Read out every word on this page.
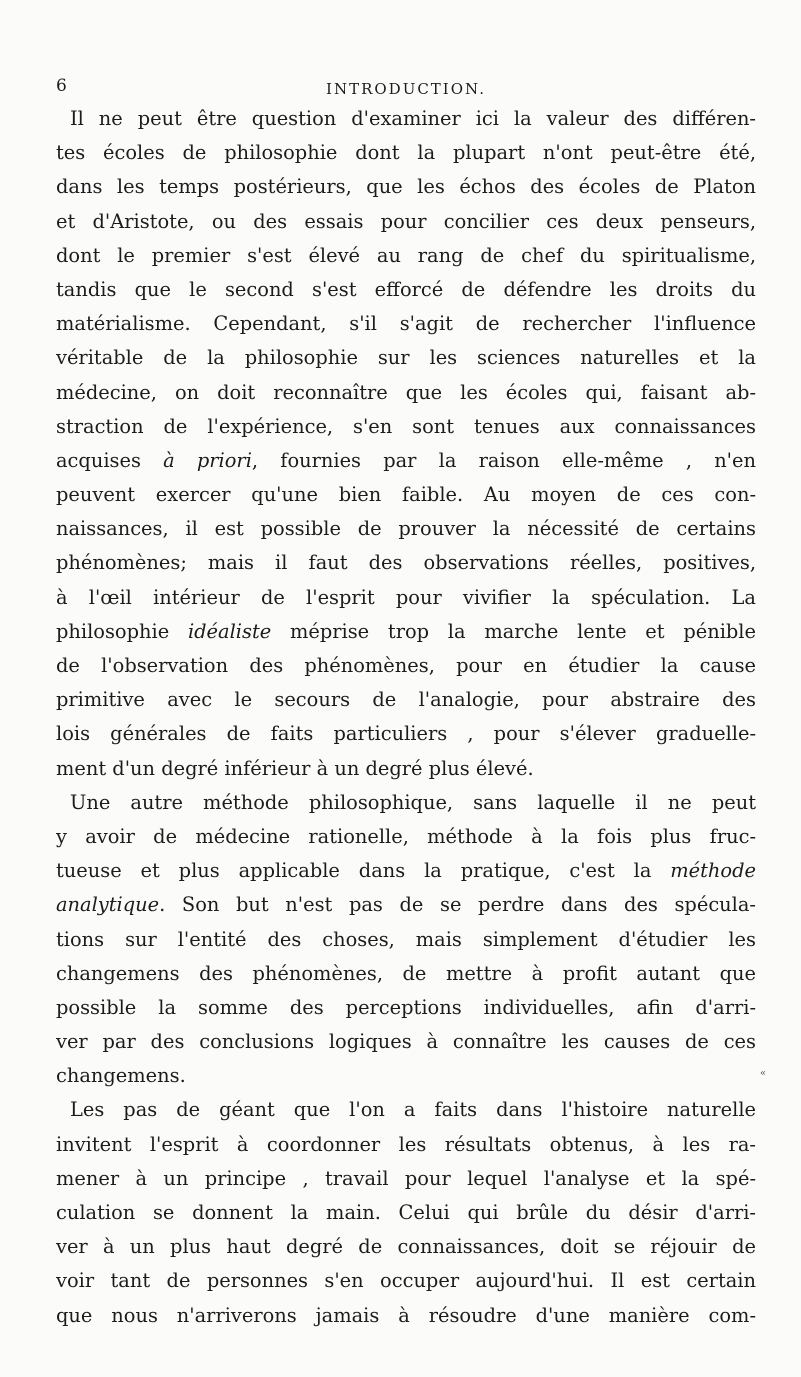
6	INTRODUCTION.
Il ne peut être question d'examiner ici la valeur des différen-
tes écoles de philosophie dont la plupart n'ont peut-être été,
dans les temps postérieurs, que les échos des écoles de Platon
et d'Aristote, ou des essais pour concilier ces deux penseurs,
dont le premier s'est élevé au rang de chef du spiritualisme,
tandis que le second s'est efforcé de défendre les droits du
matérialisme. Cependant, s'il s'agit de rechercher l'influence
véritable de la philosophie sur les sciences naturelles et la
médecine, on doit reconnaître que les écoles qui, faisant ab-
straction de l'expérience, s'en sont tenues aux connaissances
acquises à priori, fournies par la raison elle-même , n'en
peuvent exercer qu'une bien faible. Au moyen de ces con-
naissances, il est possible de prouver la nécessité de certains
phénomènes; mais il faut des observations réelles, positives,
à l'œil intérieur de l'esprit pour vivifier la spéculation. La
philosophie idéaliste méprise trop la marche lente et pénible
de l'observation des phénomènes, pour en étudier la cause
primitive avec le secours de l'analogie, pour abstraire des
lois générales de faits particuliers , pour s'élever graduelle-
ment d'un degré inférieur à un degré plus élevé.
Une autre méthode philosophique, sans laquelle il ne peut
y avoir de médecine rationelle, méthode à la fois plus fruc-
tueuse et plus applicable dans la pratique, c'est la méthode
analytique. Son but n'est pas de se perdre dans des spécula-
tions sur l'entité des choses, mais simplement d'étudier les
changemens des phénomènes, de mettre à profit autant que
possible la somme des perceptions individuelles, afin d'arri-
ver par des conclusions logiques à connaître les causes de ces
changemens.
Les pas de géant que l'on a faits dans l'histoire naturelle
invitent l'esprit à coordonner les résultats obtenus, à les ra-
mener à un principe , travail pour lequel l'analyse et la spé-
culation se donnent la main. Celui qui brûle du désir d'arri-
ver à un plus haut degré de connaissances, doit se réjouir de
voir tant de personnes s'en occuper aujourd'hui. Il est certain
que nous n'arriverons jamais à résoudre d'une manière com-
«
